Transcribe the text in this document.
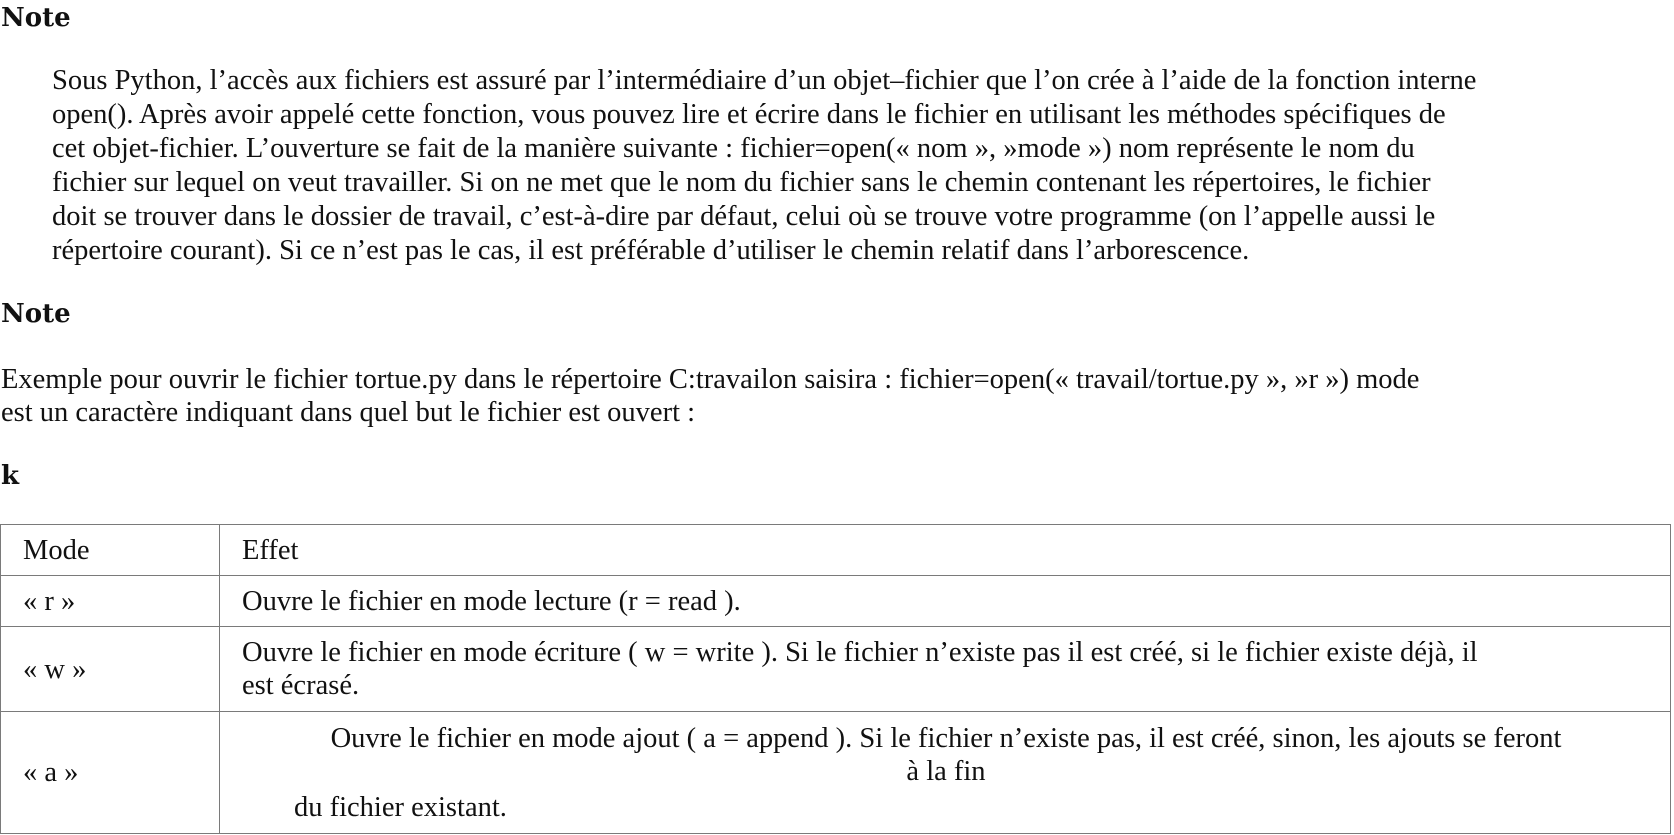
Note

Sous Python, l’accès aux fichiers est assuré par l’intermédiaire d’un objet–fichier que l’on crée à l’aide de la fonction interne
open(). Après avoir appelé cette fonction, vous pouvez lire et écrire dans le fichier en utilisant les méthodes spécifiques de
cet objet-fichier. L’ouverture se fait de la manière suivante : fichier=open(« nom », »mode ») nom représente le nom du
fichier sur lequel on veut travailler. Si on ne met que le nom du fichier sans le chemin contenant les répertoires, le fichier
doit se trouver dans le dossier de travail, c’est-à-dire par défaut, celui où se trouve votre programme (on l’appelle aussi le
répertoire courant). Si ce n’est pas le cas, il est préférable d’utiliser le chemin relatif dans l’arborescence.

Note

Exemple pour ouvrir le fichier tortue.py dans le répertoire C:travailon saisira : fichier=open(« travail/tortue.py », »r ») mode
est un caractère indiquant dans quel but le fichier est ouvert :

k
Mode	Effet
« r »	Ouvre le fichier en mode lecture (r = read ).
« w »	Ouvre le fichier en mode écriture ( w = write ). Si le fichier n’existe pas il est créé, si le fichier existe déjà, il
est écrasé.

« a »	Ouvre le fichier en mode ajout ( a = append ). Si le fichier n’existe pas, il est créé, sinon, les ajouts se feront
à la fin
du fichier existant.
